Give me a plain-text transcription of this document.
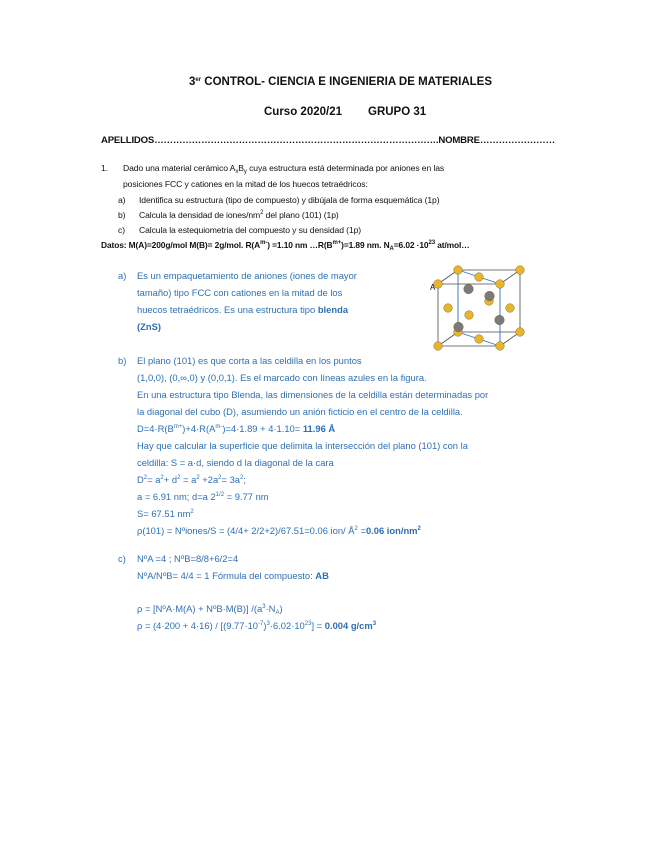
3er CONTROL- CIENCIA E INGENIERIA DE MATERIALES
Curso 2020/21 GRUPO 31
APELLIDOS……………………………………………………………………………….NOMBRE……………………
1. Dado una material cerámico $A_xB_y$ cuya estructura está determinada por aniones en las
posiciones FCC y cationes en la mitad de los huecos tetraédricos:
a) Identifica su estructura (tipo de compuesto) y dibújala de forma esquemática (1p)
b) Calcula la densidad de iones/$nm^2$ del plano (101) (1p)
c) Calcula la estequiometria del compuesto y su densidad (1p)
Datos: M(A)=200g/mol M(B)= 2g/mol. $R(A^{m-}) =1.10$ nm $\dots R(B^{m+})=1.89$ nm. $N_A=6.02 \cdot 10^{23}$ at/mol…
a) Es un empaquetamiento de aniones (iones de mayor
tamaño) tipo FCC con cationes en la mitad de los
huecos tetraédricos. Es una estructura tipo blenda
(ZnS)
A
b) El plano (101) es que corta a las celdilla en los puntos
(1,0,0), (0,∞,0) y (0,0,1). Es el marcado con líneas azules en la figura.
En una estructura tipo Blenda, las dimensiones de la celdilla están determinadas por
la diagonal del cubo (D), asumiendo un anión ficticio en el centro de la celdilla.
$D=4\cdot R(B^{m+})+4\cdot R(A^{m-})=4\cdot 1.89 + 4\cdot 1.10= 11.96$ Å
Hay que calcular la superficie que delimita la intersección del plano (101) con la
celdilla: S = a·d, siendo d la diagonal de la cara
$D^2= a^2+ d^2 = a^2 +2a^2= 3a^2$;
a = 6.91 nm; d=a $2^{1/2} = 9.77$ nm
S= 67.51 $nm^2$
ρ(101) = Nºiones/S = (4/4+ 2/2+2)/67.51=0.06 ion/ $Å^2 =0.06$ ion/$nm^2$
c) NºA =4 ; NºB=8/8+6/2=4
NºA/NºB= 4/4 = 1 Fórmula del compuesto: AB
ρ = [NºA·M(A) + NºB·M(B)] $/(a^3\cdot N_A)$
$\rho = (4\cdot 200 + 4\cdot 16) / [(9.77\cdot 10^{-7})^3\cdot 6.02\cdot 10^{23}] = 0.004$ $g/cm^3$
